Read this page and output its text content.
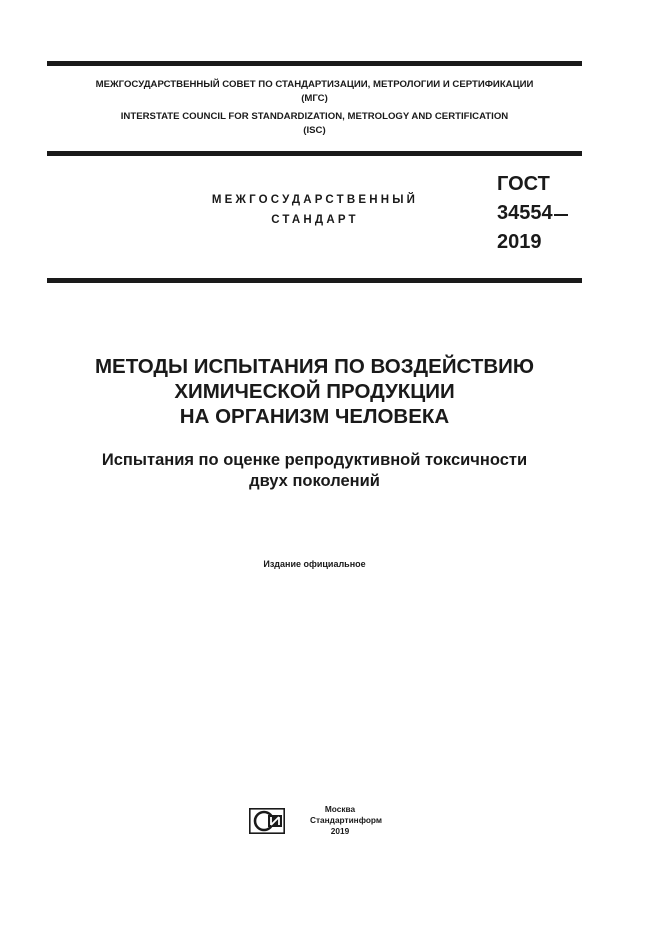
МЕЖГОСУДАРСТВЕННЫЙ СОВЕТ ПО СТАНДАРТИЗАЦИИ, МЕТРОЛОГИИ И СЕРТИФИКАЦИИ
(МГС)
INTERSTATE COUNCIL FOR STANDARDIZATION, METROLOGY AND CERTIFICATION
(ISC)
МЕЖГОСУДАРСТВЕННЫЙ
СТАНДАРТ
ГОСТ
34554
2019
МЕТОДЫ ИСПЫТАНИЯ ПО ВОЗДЕЙСТВИЮ
ХИМИЧЕСКОЙ ПРОДУКЦИИ
НА ОРГАНИЗМ ЧЕЛОВЕКА
Испытания по оценке репродуктивной токсичности
двух поколений
Издание официальное
Москва
Стандартинформ
2019
